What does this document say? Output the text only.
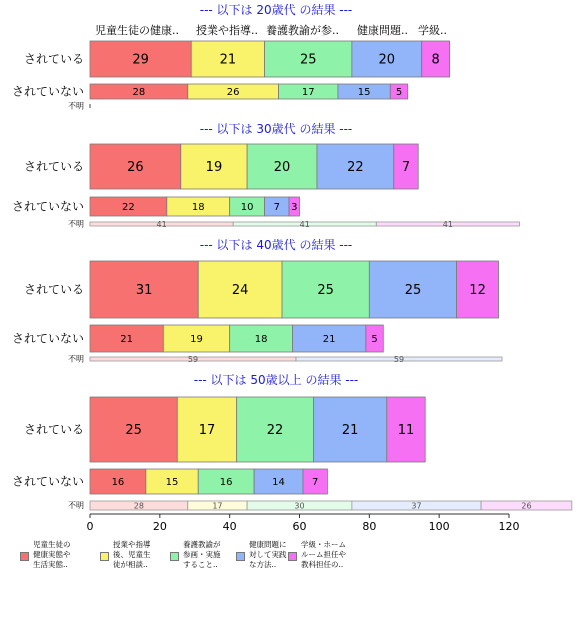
児童生徒の健康.. 授業や指導.. 養護教諭が参.. 健康問題.. 学級..
--- 以下は 20歳代 の結果 ---
されている	29	21	25	20	8
されていない	28	26	17	15	5
不明
--- 以下は 30歳代 の結果 ---
されている	26	19	20	22	7
されていない	22	18	10 7 3
不明	41	41	41
--- 以下は 40歳代 の結果 ---
されている	31	24	25	25	12
されていない	21	19	18	21	5
不明	59	59
--- 以下は 50歳以上 の結果 ---
されている	25	17	22	21	11
されていない	16	15	16	14	7
不明	28	17	30	37	26
0	20	40	60	80	100	120
児童生徒の
健康実態や
生活実態..
授業や指導
後、児童生
徒が相談..
養護教諭が
参画・実施
すること..
健康問題に
対して実践
な方法..
学級・ホーム
ルーム担任や
教科担任の..
